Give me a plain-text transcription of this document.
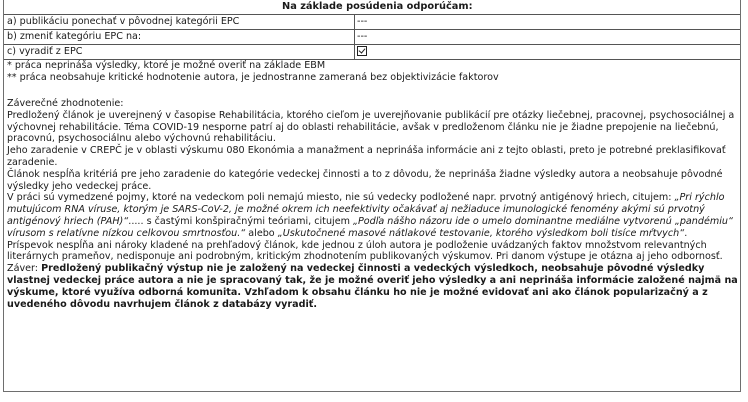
Na základe posúdenia odporúčam:
a) publikáciu ponechať v pôvodnej kategórii EPC	---
b) zmeniť kategóriu EPC na:	---
c) vyradiť z EPC
* práca neprináša výsledky, ktoré je možné overiť na základe EBM
** práca neobsahuje kritické hodnotenie autora, je jednostranne zameraná bez objektivizácie faktorov

Záverečné zhodnotenie:

Predložený článok je uverejnený v časopise Rehabilitácia, ktorého cieľom je uverejňovanie publikácií pre otázky liečebnej, pracovnej, psychosociálnej a výchovnej rehabilitácie. Téma COVID-19 nesporne patrí aj do oblasti rehabilitácie, avšak v predloženom článku nie je žiadne prepojenie na liečebnú, pracovnú, psychosociálnu alebo výchovnú rehabilitáciu.

Jeho zaradenie v CREPČ je v oblasti výskumu 080 Ekonómia a manažment a neprináša informácie ani z tejto oblasti, preto je potrebné preklasifikovať zaradenie.

Článok nespĺňa kritériá pre jeho zaradenie do kategórie vedeckej činnosti a to z dôvodu, že neprináša žiadne výsledky autora a neobsahuje pôvodné výsledky jeho vedeckej práce.

V práci sú vymedzené pojmy, ktoré na vedeckom poli nemajú miesto, nie sú vedecky podložené napr. prvotný antigénový hriech, citujem: „Pri rýchlo mutujúcom RNA víruse, ktorým je SARS-CoV-2, je možné okrem ich neefektivity očakávať aj nežiaduce imunologické fenomény akými sú prvotný antigénový hriech (PAH)“..... s častými konšpiračnými teóriami, citujem „Podľa nášho názoru ide o umelo dominantne mediálne vytvorenú „pandémiu“ vírusom s relatívne nízkou celkovou smrtnosťou.“ alebo „Uskutočnené masové nátlakové testovanie, ktorého výsledkom boli tisíce mŕtvych“.

Príspevok nespĺňa ani nároky kladené na prehľadový článok, kde jednou z úloh autora je podloženie uvádzaných faktov množstvom relevantných literárnych prameňov, nedisponuje ani podrobným, kritickým zhodnotením publikovaných výskumov. Pri danom výstupe je otázna aj jeho odbornosť.

Záver: Predložený publikačný výstup nie je založený na vedeckej činnosti a vedeckých výsledkoch, neobsahuje pôvodné výsledky vlastnej vedeckej práce autora a nie je spracovaný tak, že je možné overiť jeho výsledky a ani neprináša informácie založené najmä na výskume, ktoré využíva odborná komunita. Vzhľadom k obsahu článku ho nie je možné evidovať ani ako článok popularizačný a z uvedeného dôvodu navrhujem článok z databázy vyradiť.
